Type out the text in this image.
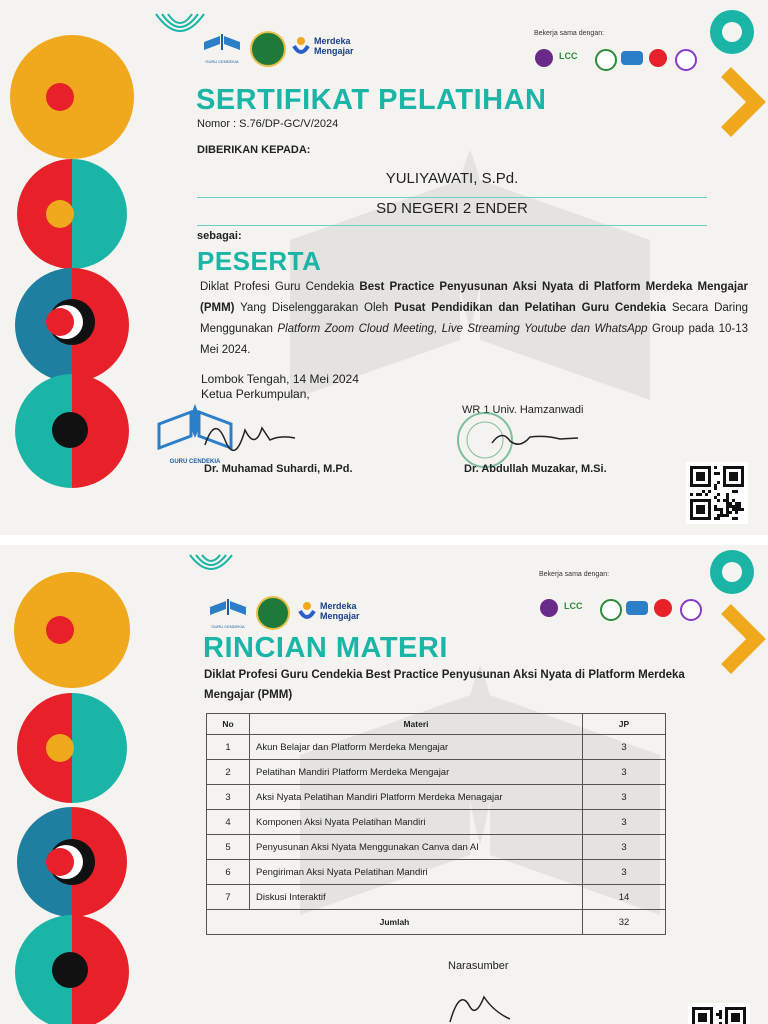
GURU CENDEKIA
Merdeka
Mengajar
Bekerja sama dengan:
LCC
SERTIFIKAT PELATIHAN
Nomor : S.76/DP-GC/V/2024
DIBERIKAN KEPADA:
YULIYAWATI, S.Pd.
SD NEGERI 2 ENDER
sebagai:
PESERTA
Diklat Profesi Guru Cendekia Best Practice Penyusunan Aksi Nyata di Platform Merdeka Mengajar (PMM) Yang Diselenggarakan Oleh Pusat Pendidikan dan Pelatihan Guru Cendekia Secara Daring Menggunakan Platform Zoom Cloud Meeting, Live Streaming Youtube dan WhatsApp Group pada 10-13 Mei 2024.
Lombok Tengah, 14 Mei 2024
Ketua Perkumpulan,
WR 1 Univ. Hamzanwadi
GURU CENDEKIA
Dr. Muhamad Suhardi, M.Pd.	Dr. Abdullah Muzakar, M.Si.
GURU CENDEKIA
Merdeka
Mengajar
Bekerja sama dengan:
LCC
RINCIAN MATERI
Diklat Profesi Guru Cendekia Best Practice Penyusunan Aksi Nyata di Platform Merdeka Mengajar (PMM)
No	Materi	JP
1	Akun Belajar dan Platform Merdeka Mengajar	3
2	Pelatihan Mandiri Platform Merdeka Mengajar	3
3	Aksi Nyata Pelatihan Mandiri Platform Merdeka Menagajar	3
4	Komponen Aksi Nyata Pelatihan Mandiri	3
5	Penyusunan Aksi Nyata Menggunakan Canva dan AI	3
6	Pengiriman Aksi Nyata Pelatihan Mandiri	3
7	Diskusi Interaktif	14
Jumlah		32
Narasumber
